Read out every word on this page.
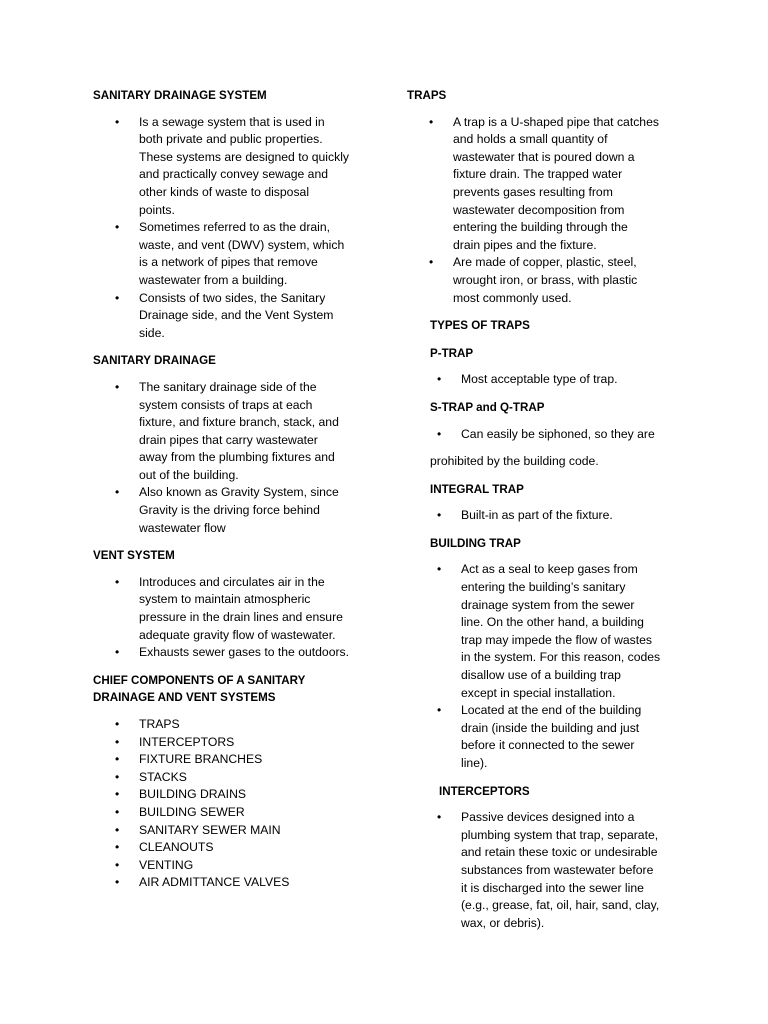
SANITARY DRAINAGE SYSTEM
• Is a sewage system that is used in
both private and public properties.
These systems are designed to quickly
and practically convey sewage and
other kinds of waste to disposal
points.
• Sometimes referred to as the drain,
waste, and vent (DWV) system, which
is a network of pipes that remove
wastewater from a building.
• Consists of two sides, the Sanitary
Drainage side, and the Vent System
side.
SANITARY DRAINAGE
• The sanitary drainage side of the
system consists of traps at each
fixture, and fixture branch, stack, and
drain pipes that carry wastewater
away from the plumbing fixtures and
out of the building.
• Also known as Gravity System, since
Gravity is the driving force behind
wastewater flow
VENT SYSTEM
• Introduces and circulates air in the
system to maintain atmospheric
pressure in the drain lines and ensure
adequate gravity flow of wastewater.
• Exhausts sewer gases to the outdoors.
CHIEF COMPONENTS OF A SANITARY
DRAINAGE AND VENT SYSTEMS
• TRAPS
• INTERCEPTORS
• FIXTURE BRANCHES
• STACKS
• BUILDING DRAINS
• BUILDING SEWER
• SANITARY SEWER MAIN
• CLEANOUTS
• VENTING
• AIR ADMITTANCE VALVES
TRAPS
• A trap is a U-shaped pipe that catches
and holds a small quantity of
wastewater that is poured down a
fixture drain. The trapped water
prevents gases resulting from
wastewater decomposition from
entering the building through the
drain pipes and the fixture.
• Are made of copper, plastic, steel,
wrought iron, or brass, with plastic
most commonly used.
TYPES OF TRAPS
P-TRAP
• Most acceptable type of trap.
S-TRAP and Q-TRAP
• Can easily be siphoned, so they are
prohibited by the building code.
INTEGRAL TRAP
• Built-in as part of the fixture.
BUILDING TRAP
• Act as a seal to keep gases from
entering the building’s sanitary
drainage system from the sewer
line. On the other hand, a building
trap may impede the flow of wastes
in the system. For this reason, codes
disallow use of a building trap
except in special installation.
• Located at the end of the building
drain (inside the building and just
before it connected to the sewer
line).
INTERCEPTORS
• Passive devices designed into a
plumbing system that trap, separate,
and retain these toxic or undesirable
substances from wastewater before
it is discharged into the sewer line
(e.g., grease, fat, oil, hair, sand, clay,
wax, or debris).
